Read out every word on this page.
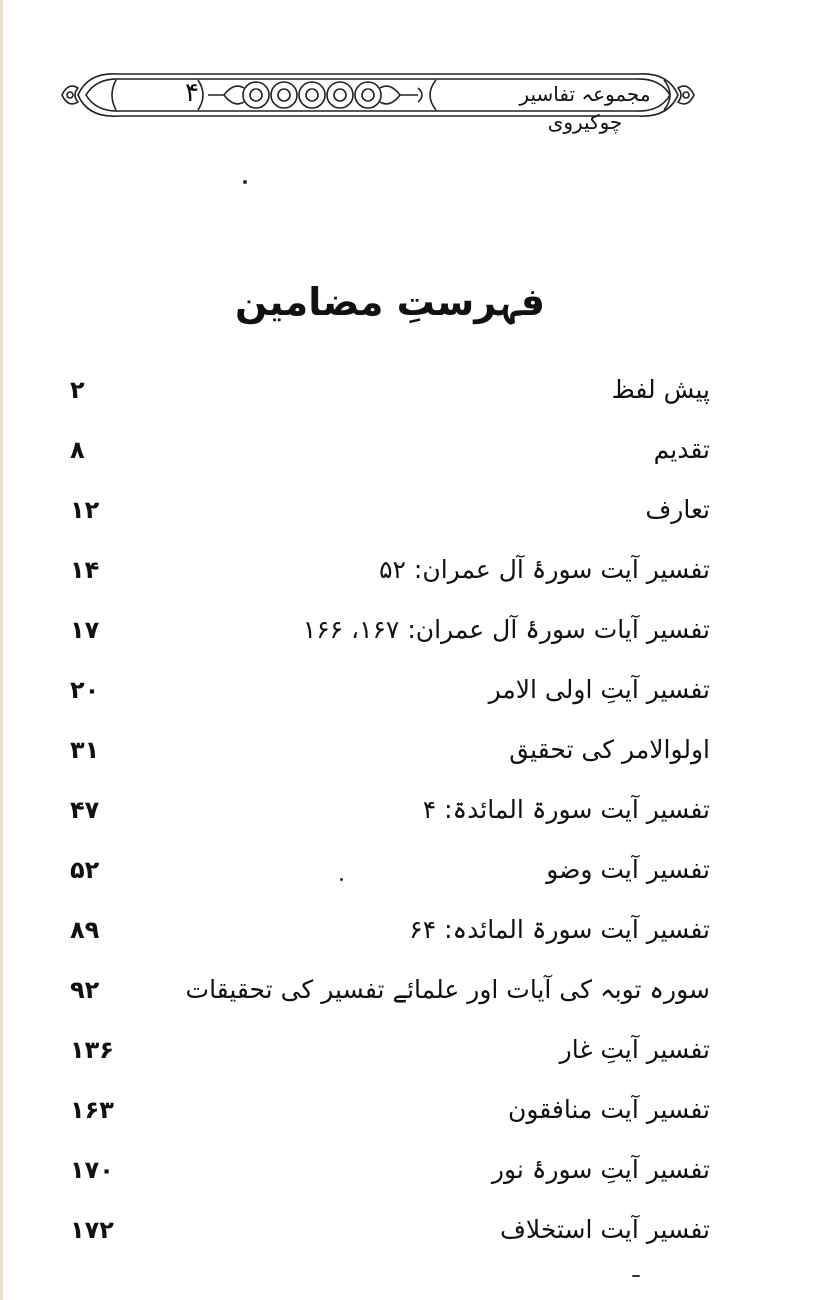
۴	مجموعہ تفاسیر چوکیروی
فہرستِ مضامین
پیش لفظ
۲
تقدیم
۸
تعارف
۱۲
تفسیر آیت سورۂ آل عمران: ۵۲
۱۴
تفسیر آیات سورۂ آل عمران: ۱۶۷، ۱۶۶
۱۷
تفسیر آیتِ اولی الامر
۲۰
اولوالامر کی تحقیق
۳۱
تفسیر آیت سورۃ المائدۃ: ۴
۴۷
تفسیر آیت وضو
۵۲
تفسیر آیت سورۃ المائدہ: ۶۴
۸۹
سورہ توبہ کی آیات اور علمائے تفسیر کی تحقیقات
۹۲
تفسیر آیتِ غار
۱۳۶
تفسیر آیت منافقون
۱۶۳
تفسیر آیتِ سورۂ نور
۱۷۰
تفسیر آیت استخلاف
۱۷۲
